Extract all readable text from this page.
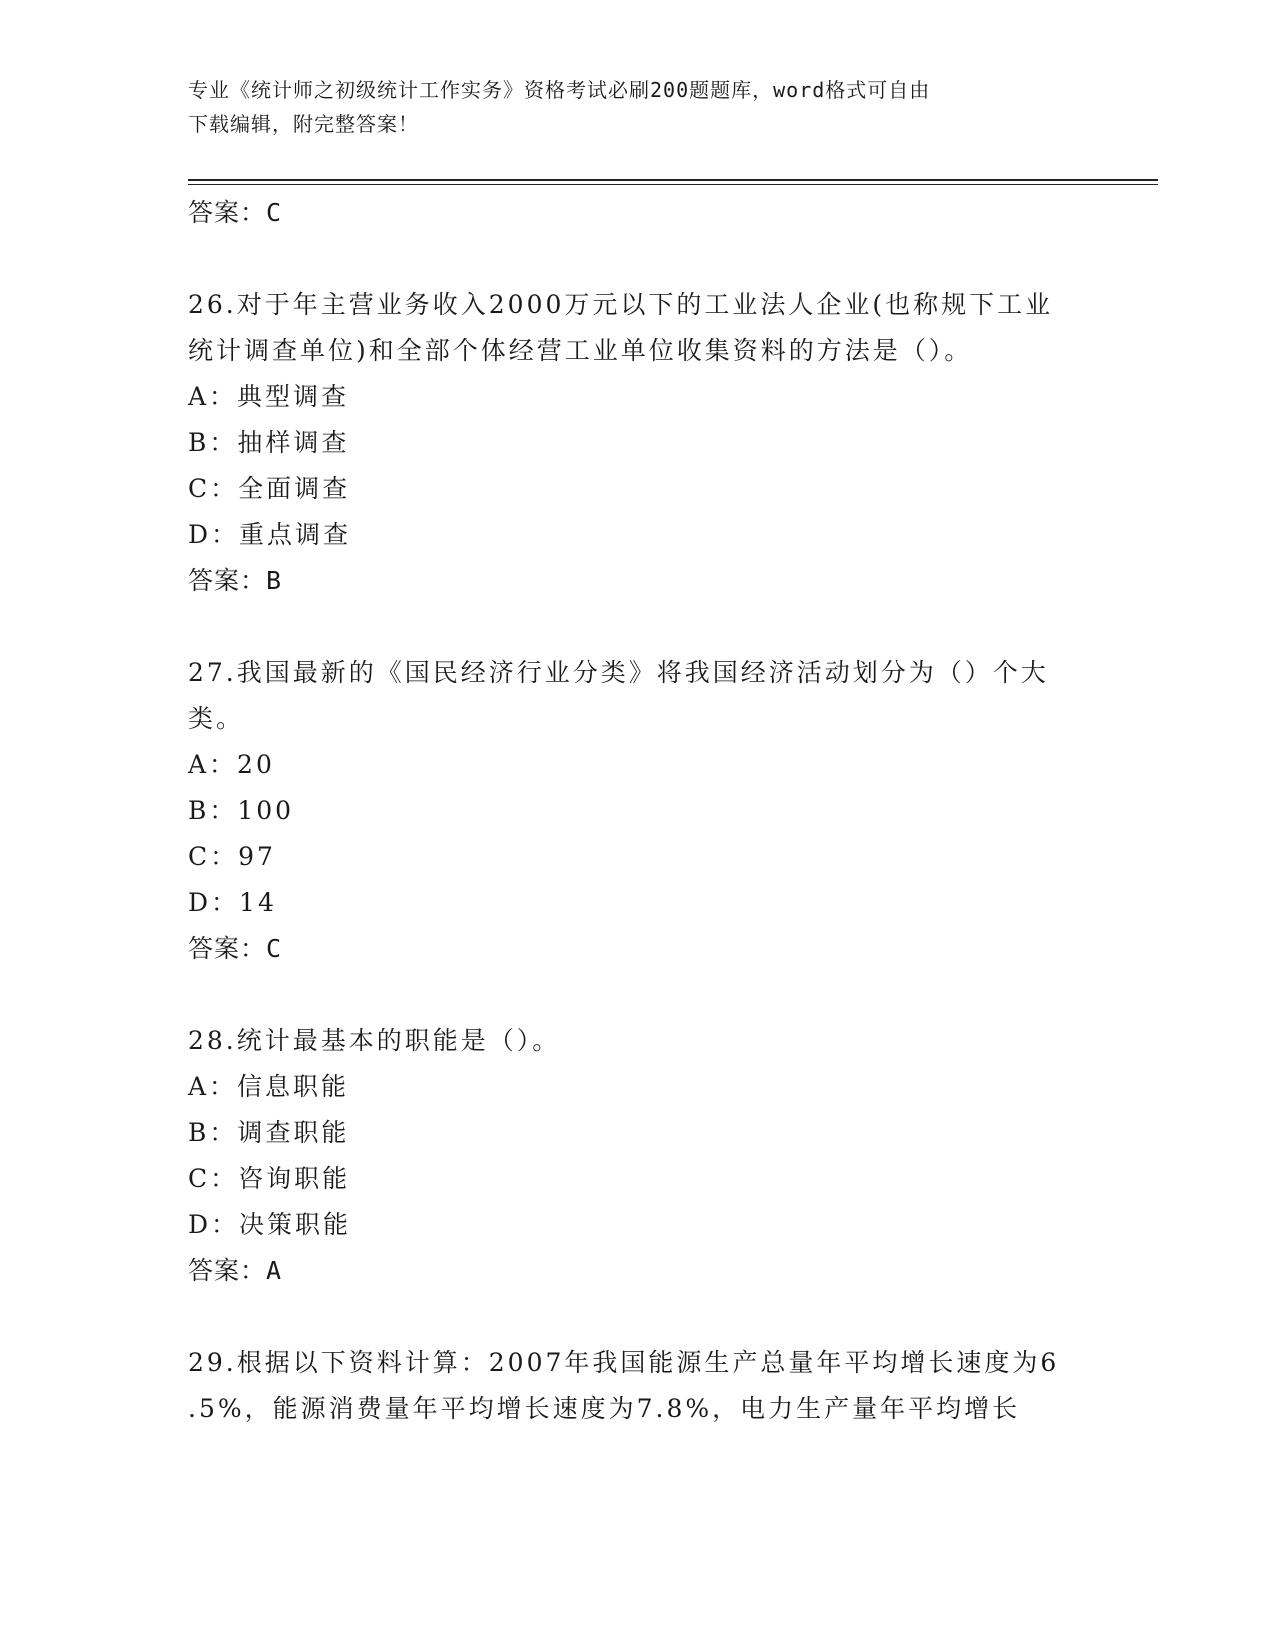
专业《统计师之初级统计工作实务》资格考试必刷200题题库，word格式可自由
下载编辑，附完整答案！
答案：C
26.对于年主营业务收入2000万元以下的工业法人企业(也称规下工业
统计调查单位)和全部个体经营工业单位收集资料的方法是（）。
A：典型调查
B：抽样调查
C：全面调查
D：重点调查
答案：B
27.我国最新的《国民经济行业分类》将我国经济活动划分为（）个大
类。
A：20
B：100
C：97
D：14
答案：C
28.统计最基本的职能是（）。
A：信息职能
B：调查职能
C：咨询职能
D：决策职能
答案：A
29.根据以下资料计算：2007年我国能源生产总量年平均增长速度为6
.5%，能源消费量年平均增长速度为7.8%，电力生产量年平均增长
